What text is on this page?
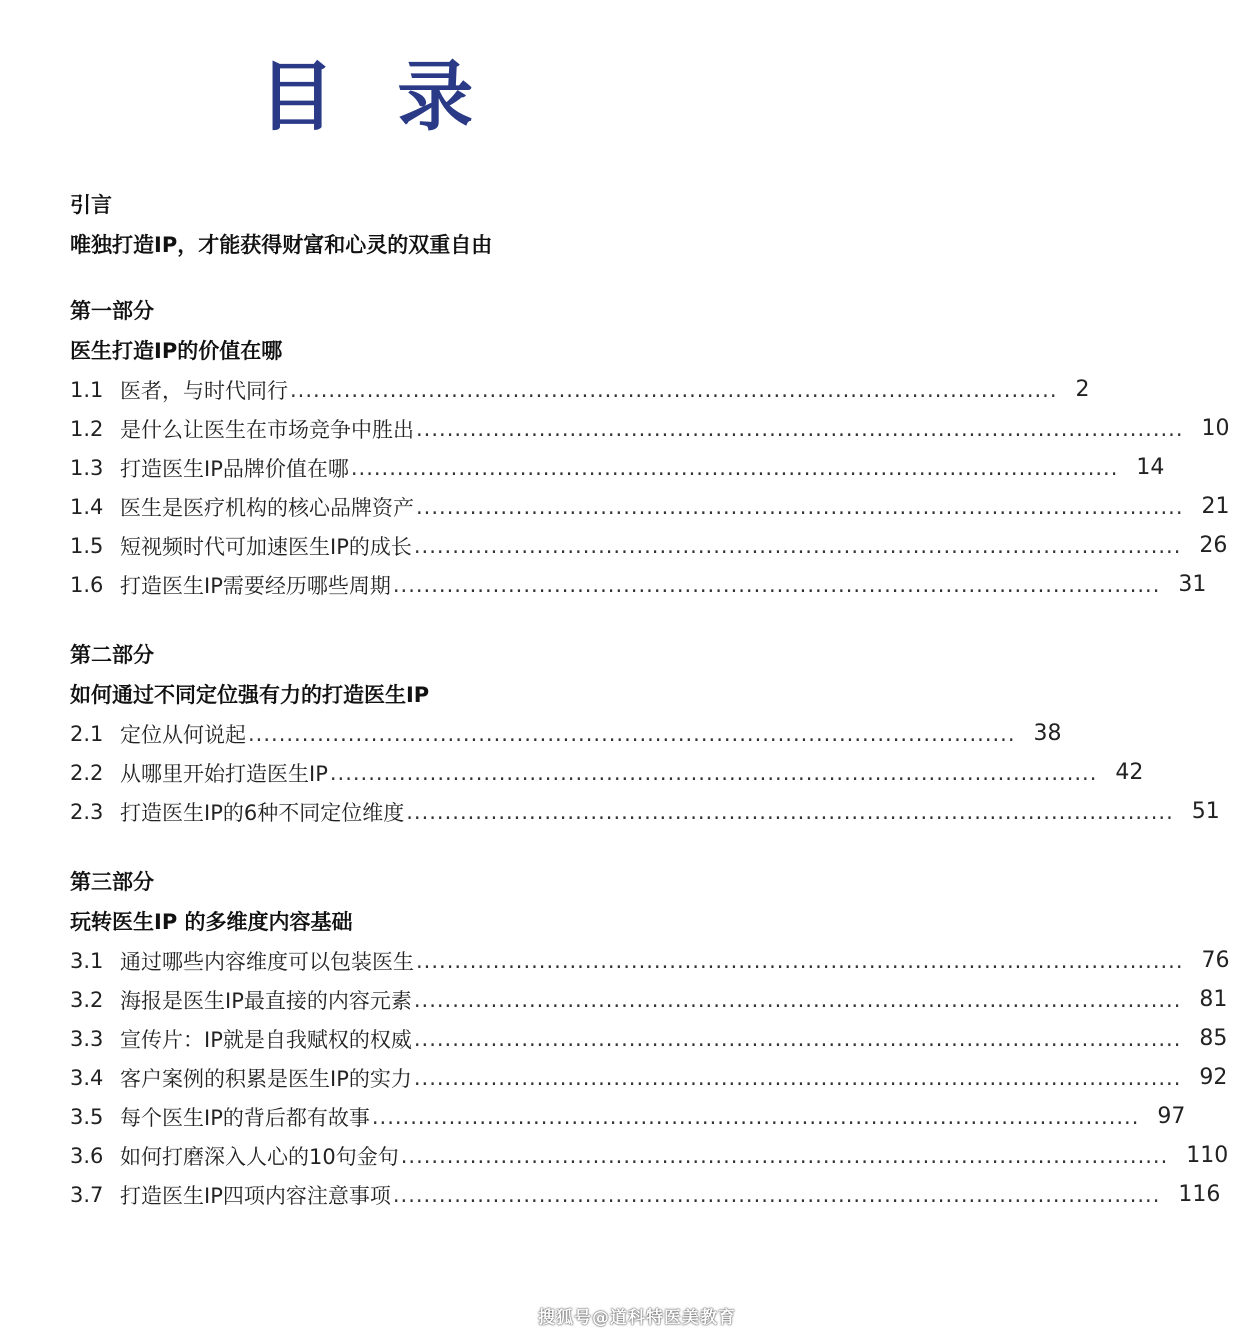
目 录
引言
唯独打造IP，才能获得财富和心灵的双重自由
第一部分
医生打造IP的价值在哪
1.1 医者，与时代同行 .................................................................................................... 2
1.2 是什么让医生在市场竞争中胜出 .................................................................................................... 10
1.3 打造医生IP品牌价值在哪 .................................................................................................... 14
1.4 医生是医疗机构的核心品牌资产 .................................................................................................... 21
1.5 短视频时代可加速医生IP的成长 .................................................................................................... 26
1.6 打造医生IP需要经历哪些周期 .................................................................................................... 31
第二部分
如何通过不同定位强有力的打造医生IP
2.1 定位从何说起 .................................................................................................... 38
2.2 从哪里开始打造医生IP .................................................................................................... 42
2.3 打造医生IP的6种不同定位维度 .................................................................................................... 51
第三部分
玩转医生IP 的多维度内容基础
3.1 通过哪些内容维度可以包装医生 .................................................................................................... 76
3.2 海报是医生IP最直接的内容元素 .................................................................................................... 81
3.3 宣传片：IP就是自我赋权的权威 .................................................................................................... 85
3.4 客户案例的积累是医生IP的实力 .................................................................................................... 92
3.5 每个医生IP的背后都有故事 .................................................................................................... 97
3.6 如何打磨深入人心的10句金句 .................................................................................................... 110
3.7 打造医生IP四项内容注意事项 .................................................................................................... 116
搜狐号@道科特医美教育
